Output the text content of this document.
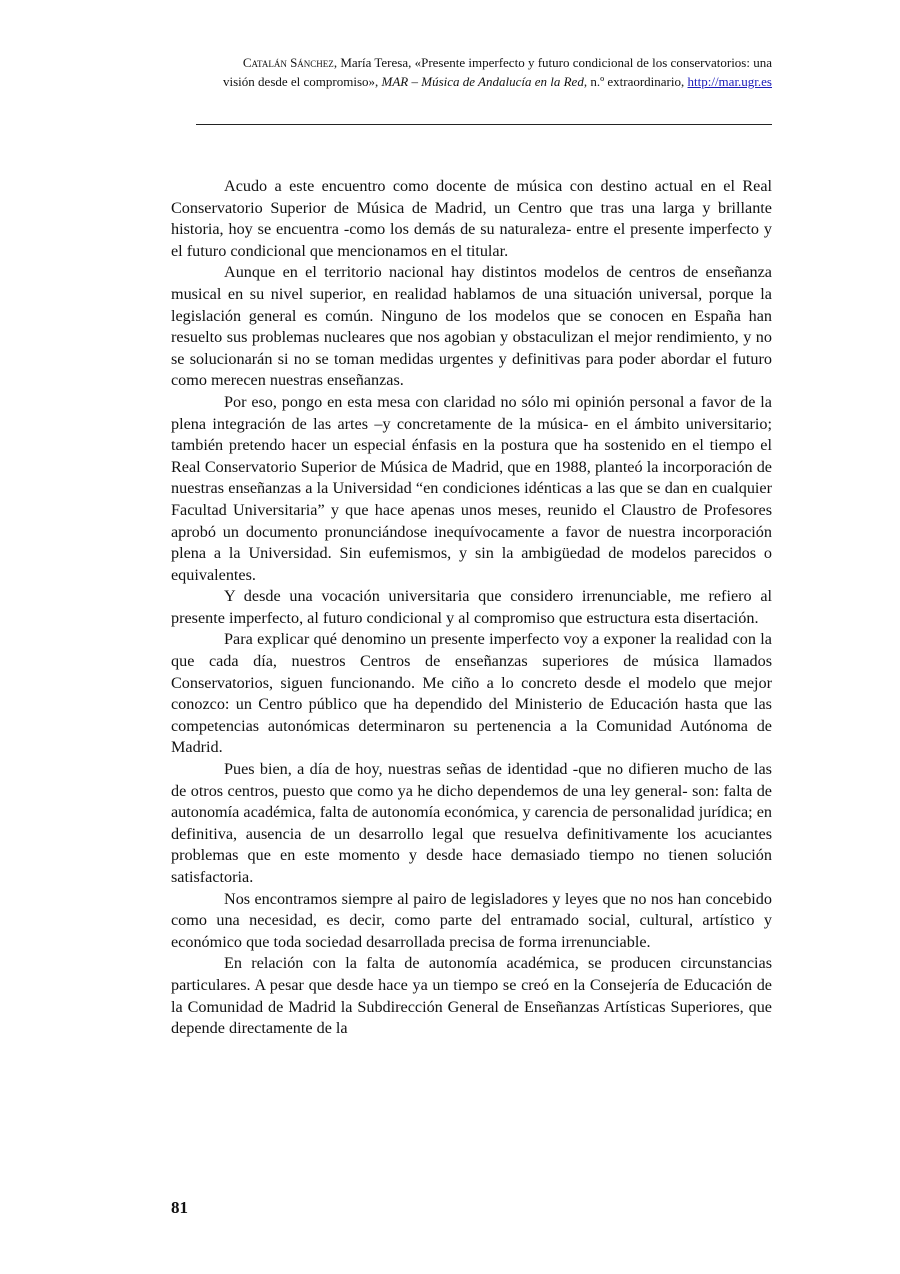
Catalán Sánchez, María Teresa, «Presente imperfecto y futuro condicional de los conservatorios: una visión desde el compromiso», MAR – Música de Andalucía en la Red, n.º extraordinario, http://mar.ugr.es

Acudo a este encuentro como docente de música con destino actual en el Real Conservatorio Superior de Música de Madrid, un Centro que tras una larga y brillante historia, hoy se encuentra -como los demás de su naturaleza- entre el presente imperfecto y el futuro condicional que mencionamos en el titular.

Aunque en el territorio nacional hay distintos modelos de centros de enseñanza musical en su nivel superior, en realidad hablamos de una situación universal, porque la legislación general es común. Ninguno de los modelos que se conocen en España han resuelto sus problemas nucleares que nos agobian y obstaculizan el mejor rendimiento, y no se solucionarán si no se toman medidas urgentes y definitivas para poder abordar el futuro como merecen nuestras enseñanzas.

Por eso, pongo en esta mesa con claridad no sólo mi opinión personal a favor de la plena integración de las artes –y concretamente de la música- en el ámbito universitario; también pretendo hacer un especial énfasis en la postura que ha sostenido en el tiempo el Real Conservatorio Superior de Música de Madrid, que en 1988, planteó la incorporación de nuestras enseñanzas a la Universidad “en condiciones idénticas a las que se dan en cualquier Facultad Universitaria” y que hace apenas unos meses, reunido el Claustro de Profesores aprobó un documento pronunciándose inequívocamente a favor de nuestra incorporación plena a la Universidad. Sin eufemismos, y sin la ambigüedad de modelos parecidos o equivalentes.

Y desde una vocación universitaria que considero irrenunciable, me refiero al presente imperfecto, al futuro condicional y al compromiso que estructura esta disertación.

Para explicar qué denomino un presente imperfecto voy a exponer la realidad con la que cada día, nuestros Centros de enseñanzas superiores de música llamados Conservatorios, siguen funcionando. Me ciño a lo concreto desde el modelo que mejor conozco: un Centro público que ha dependido del Ministerio de Educación hasta que las competencias autonómicas determinaron su pertenencia a la Comunidad Autónoma de Madrid.

Pues bien, a día de hoy, nuestras señas de identidad -que no difieren mucho de las de otros centros, puesto que como ya he dicho dependemos de una ley general- son: falta de autonomía académica, falta de autonomía económica, y carencia de personalidad jurídica; en definitiva, ausencia de un desarrollo legal que resuelva definitivamente los acuciantes problemas que en este momento y desde hace demasiado tiempo no tienen solución satisfactoria.

Nos encontramos siempre al pairo de legisladores y leyes que no nos han concebido como una necesidad, es decir, como parte del entramado social, cultural, artístico y económico que toda sociedad desarrollada precisa de forma irrenunciable.

En relación con la falta de autonomía académica, se producen circunstancias particulares. A pesar que desde hace ya un tiempo se creó en la Consejería de Educación de la Comunidad de Madrid la Subdirección General de Enseñanzas Artísticas Superiores, que depende directamente de la

81
